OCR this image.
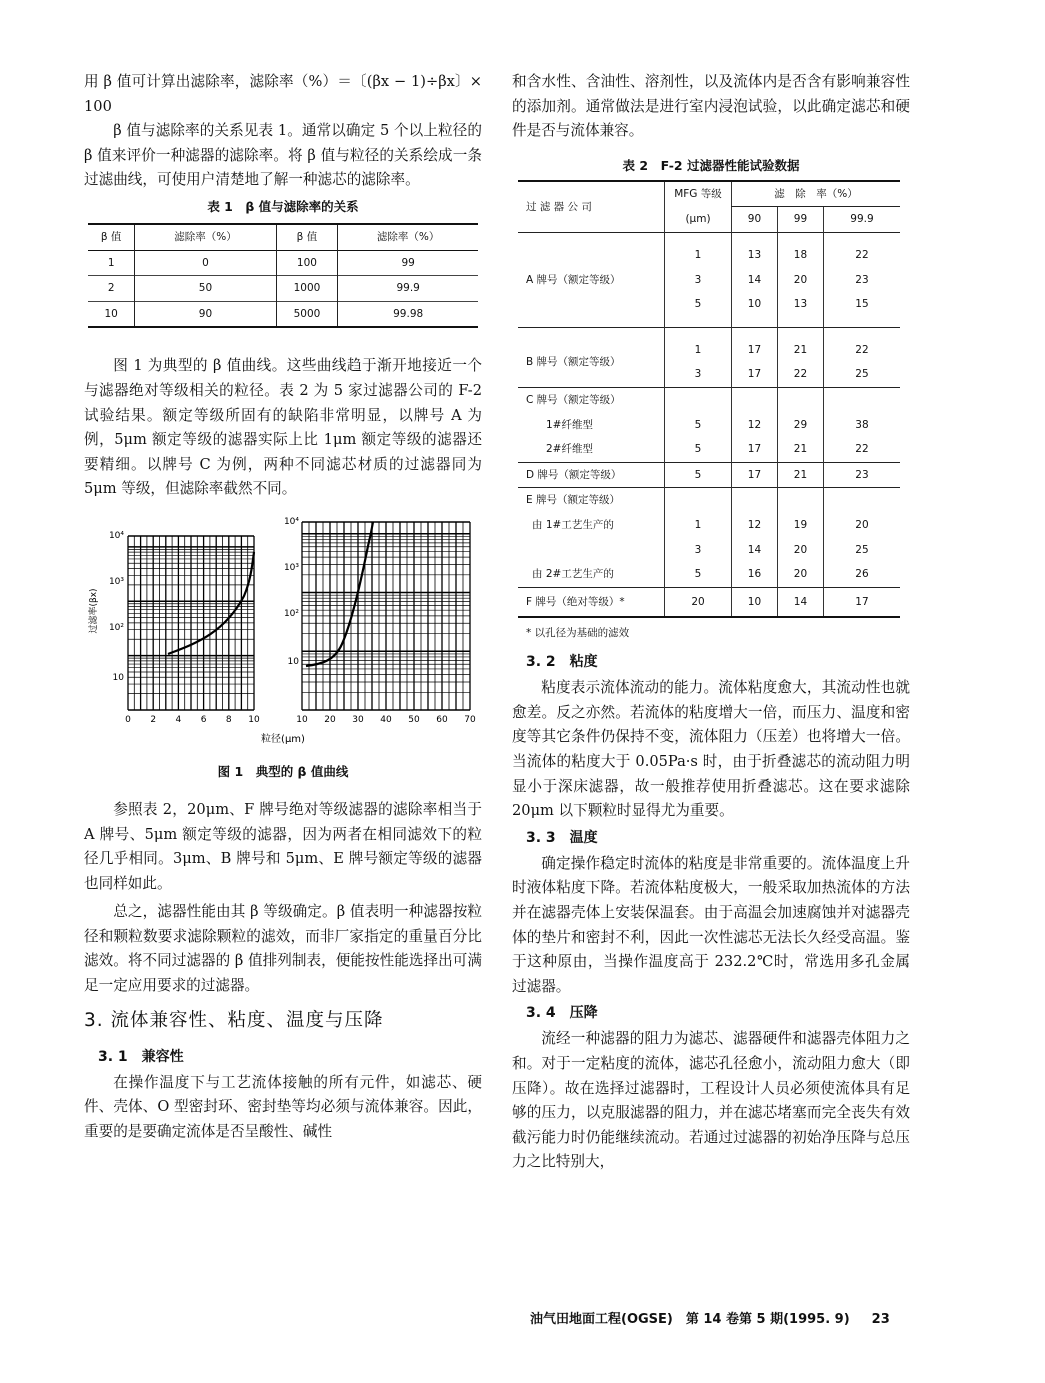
用 β 值可计算出滤除率，滤除率（%）＝〔(βx − 1)÷βx〕× 100

β 值与滤除率的关系见表 1。通常以确定 5 个以上粒径的 β 值来评价一种滤器的滤除率。将 β 值与粒径的关系绘成一条过滤曲线，可使用户清楚地了解一种滤芯的滤除率。

表 1　β 值与滤除率的关系
β 值	滤除率（%）	β 值	滤除率（%）
1	0	100	99
2	50	1000	99.9
10	90	5000	99.98

图 1 为典型的 β 值曲线。这些曲线趋于渐开地接近一个与滤器绝对等级相关的粒径。表 2 为 5 家过滤器公司的 F-2 试验结果。额定等级所固有的缺陷非常明显，以牌号 A 为例，5μm 额定等级的滤器实际上比 1μm 额定等级的滤器还要精细。以牌号 C 为例，两种不同滤芯材质的过滤器同为 5μm 等级，但滤除率截然不同。

10⁴
10³
10²
10
10⁴
10³
10²
10
过滤率(βx)
0 2 4 6 8 10	10 20 30 40 50 60 70
粒径(μm)
图 1　典型的 β 值曲线

参照表 2，20μm、F 牌号绝对等级滤器的滤除率相当于 A 牌号、5μm 额定等级的滤器，因为两者在相同滤效下的粒径几乎相同。3μm、B 牌号和 5μm、E 牌号额定等级的滤器也同样如此。

总之，滤器性能由其 β 等级确定。β 值表明一种滤器按粒径和颗粒数要求滤除颗粒的滤效，而非厂家指定的重量百分比滤效。将不同过滤器的 β 值排列制表，便能按性能选择出可满足一定应用要求的过滤器。

3. 流体兼容性、粘度、温度与压降
3. 1　兼容性

在操作温度下与工艺流体接触的所有元件，如滤芯、硬件、壳体、O 型密封环、密封垫等均必须与流体兼容。因此，重要的是要确定流体是否呈酸性、碱性

和含水性、含油性、溶剂性，以及流体内是否含有影响兼容性的添加剂。通常做法是进行室内浸泡试验，以此确定滤芯和硬件是否与流体兼容。

表 2　F-2 过滤器性能试验数据
过 滤 器 公 司	MFG 等级	滤　除　率（%）		
	(μm)	90	99	99.9

	1	13	18	22
A 牌号（额定等级）	3	14	20	23
	5	10	13	15

B 牌号（额定等级）	1	17	21	22
	3	17	22	25
C 牌号（额定等级）				
1#纤维型	5	12	29	38
2#纤维型	5	17	21	22
D 牌号（额定等级）	5	17	21	23
E 牌号（额定等级）				
由 1#工艺生产的	1	12	19	20
	3	14	20	25
由 2#工艺生产的	5	16	20	26
F 牌号（绝对等级）*	20	10	14	17
* 以孔径为基础的滤效
3. 2　粘度

粘度表示流体流动的能力。流体粘度愈大，其流动性也就愈差。反之亦然。若流体的粘度增大一倍，而压力、温度和密度等其它条件仍保持不变，流体阻力（压差）也将增大一倍。当流体的粘度大于 0.05Pa·s 时，由于折叠滤芯的流动阻力明显小于深床滤器，故一般推荐使用折叠滤芯。这在要求滤除 20μm 以下颗粒时显得尤为重要。

3. 3　温度

确定操作稳定时流体的粘度是非常重要的。流体温度上升时液体粘度下降。若流体粘度极大，一般采取加热流体的方法并在滤器壳体上安装保温套。由于高温会加速腐蚀并对滤器壳体的垫片和密封不利，因此一次性滤芯无法长久经受高温。鉴于这种原由，当操作温度高于 232.2℃时，常选用多孔金属过滤器。

3. 4　压降

流经一种滤器的阻力为滤芯、滤器硬件和滤器壳体阻力之和。对于一定粘度的流体，滤芯孔径愈小，流动阻力愈大（即压降）。故在选择过滤器时，工程设计人员必须使流体具有足够的压力，以克服滤器的阻力，并在滤芯堵塞而完全丧失有效截污能力时仍能继续流动。若通过过滤器的初始净压降与总压力之比特别大，

油气田地面工程(OGSE)　第 14 卷第 5 期(1995. 9) 23
